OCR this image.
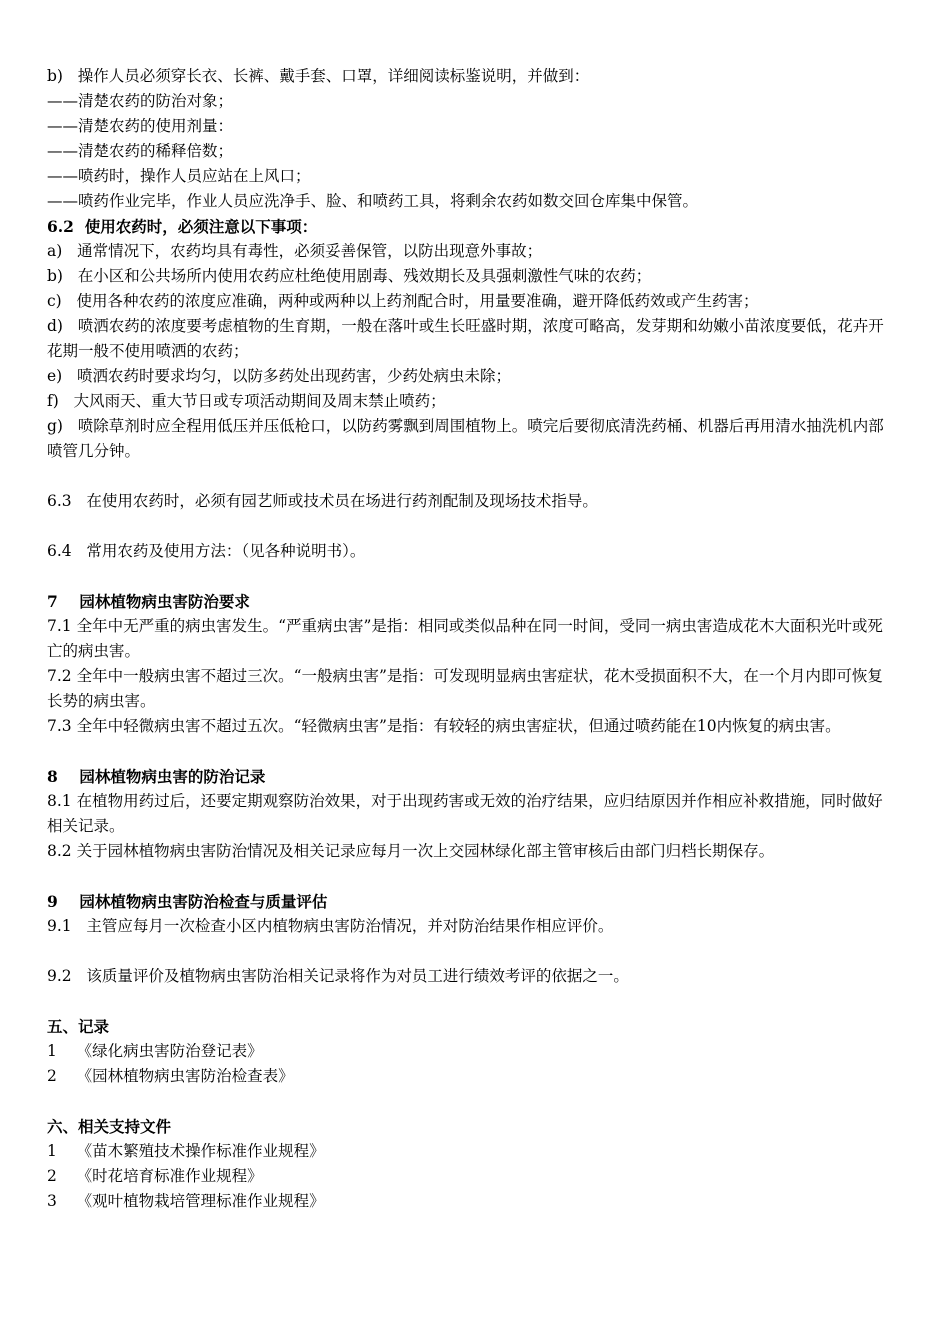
b)   操作人员必须穿长衣、长裤、戴手套、口罩，详细阅读标鉴说明，并做到：

——清楚农药的防治对象；

——清楚农药的使用剂量：

——清楚农药的稀释倍数；

——喷药时，操作人员应站在上风口；

——喷药作业完毕，作业人员应洗净手、脸、和喷药工具，将剩余农药如数交回仓库集中保管。

6.2  使用农药时，必须注意以下事项：

a)   通常情况下，农药均具有毒性，必须妥善保管，以防出现意外事故；

b)   在小区和公共场所内使用农药应杜绝使用剧毒、残效期长及具强刺激性气味的农药；

c)   使用各种农药的浓度应准确，两种或两种以上药剂配合时，用量要准确，避开降低药效或产生药害；

d)   喷洒农药的浓度要考虑植物的生育期，一般在落叶或生长旺盛时期，浓度可略高，发芽期和幼嫩小苗浓度要低，花卉开花期一般不使用喷洒的农药；

e)   喷洒农药时要求均匀，以防多药处出现药害，少药处病虫未除；

f)   大风雨天、重大节日或专项活动期间及周末禁止喷药；

g)   喷除草剂时应全程用低压并压低枪口，以防药雾飘到周围植物上。喷完后要彻底清洗药桶、机器后再用清水抽洗机内部喷管几分钟。

6.3   在使用农药时，必须有园艺师或技术员在场进行药剂配制及现场技术指导。

6.4   常用农药及使用方法：（见各种说明书）。

7    园林植物病虫害防治要求

7.1 全年中无严重的病虫害发生。“严重病虫害”是指：相同或类似品种在同一时间，受同一病虫害造成花木大面积光叶或死亡的病虫害。

7.2 全年中一般病虫害不超过三次。“一般病虫害”是指：可发现明显病虫害症状，花木受损面积不大，在一个月内即可恢复长势的病虫害。

7.3 全年中轻微病虫害不超过五次。“轻微病虫害”是指：有较轻的病虫害症状，但通过喷药能在10内恢复的病虫害。

8    园林植物病虫害的防治记录

8.1 在植物用药过后，还要定期观察防治效果，对于出现药害或无效的治疗结果，应归结原因并作相应补救措施，同时做好相关记录。

8.2 关于园林植物病虫害防治情况及相关记录应每月一次上交园林绿化部主管审核后由部门归档长期保存。

9    园林植物病虫害防治检查与质量评估

9.1   主管应每月一次检查小区内植物病虫害防治情况，并对防治结果作相应评价。

9.2   该质量评价及植物病虫害防治相关记录将作为对员工进行绩效考评的依据之一。

五、记录

1    《绿化病虫害防治登记表》

2    《园林植物病虫害防治检查表》

六、相关支持文件

1    《苗木繁殖技术操作标准作业规程》

2    《时花培育标准作业规程》

3    《观叶植物栽培管理标准作业规程》
